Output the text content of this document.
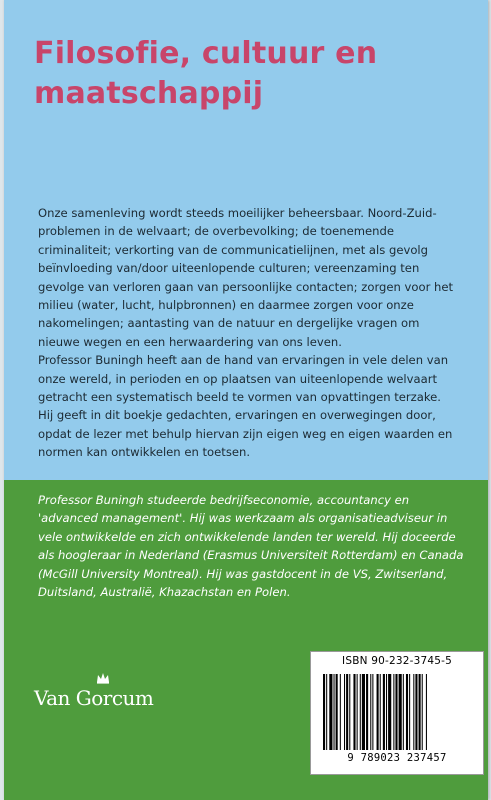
Filosofie, cultuur en
maatschappij

Onze samenleving wordt steeds moeilijker beheersbaar. Noord-Zuid-problemen in de welvaart; de overbevolking; de toenemende criminaliteit; verkorting van de communicatielijnen, met als gevolg beïnvloeding van/door uiteenlopende culturen; vereenzaming ten gevolge van verloren gaan van persoonlijke contacten; zorgen voor het milieu (water, lucht, hulpbronnen) en daarmee zorgen voor onze nakomelingen; aantasting van de natuur en dergelijke vragen om nieuwe wegen en een herwaardering van ons leven.

Professor Buningh heeft aan de hand van ervaringen in vele delen van onze wereld, in perioden en op plaatsen van uiteenlopende welvaart getracht een systematisch beeld te vormen van opvattingen terzake.

Hij geeft in dit boekje gedachten, ervaringen en overwegingen door, opdat de lezer met behulp hiervan zijn eigen weg en eigen waarden en normen kan ontwikkelen en toetsen.

Professor Buningh studeerde bedrijfseconomie, accountancy en 'advanced management'. Hij was werkzaam als organisatieadviseur in vele ontwikkelde en zich ontwikkelende landen ter wereld. Hij doceerde als hoogleraar in Nederland (Erasmus Universiteit Rotterdam) en Canada (McGill University Montreal). Hij was gastdocent in de VS, Zwitserland, Duitsland, Australië, Khazachstan en Polen.

Van Gorcum
ISBN 90-232-3745-5
9 789023 237457
